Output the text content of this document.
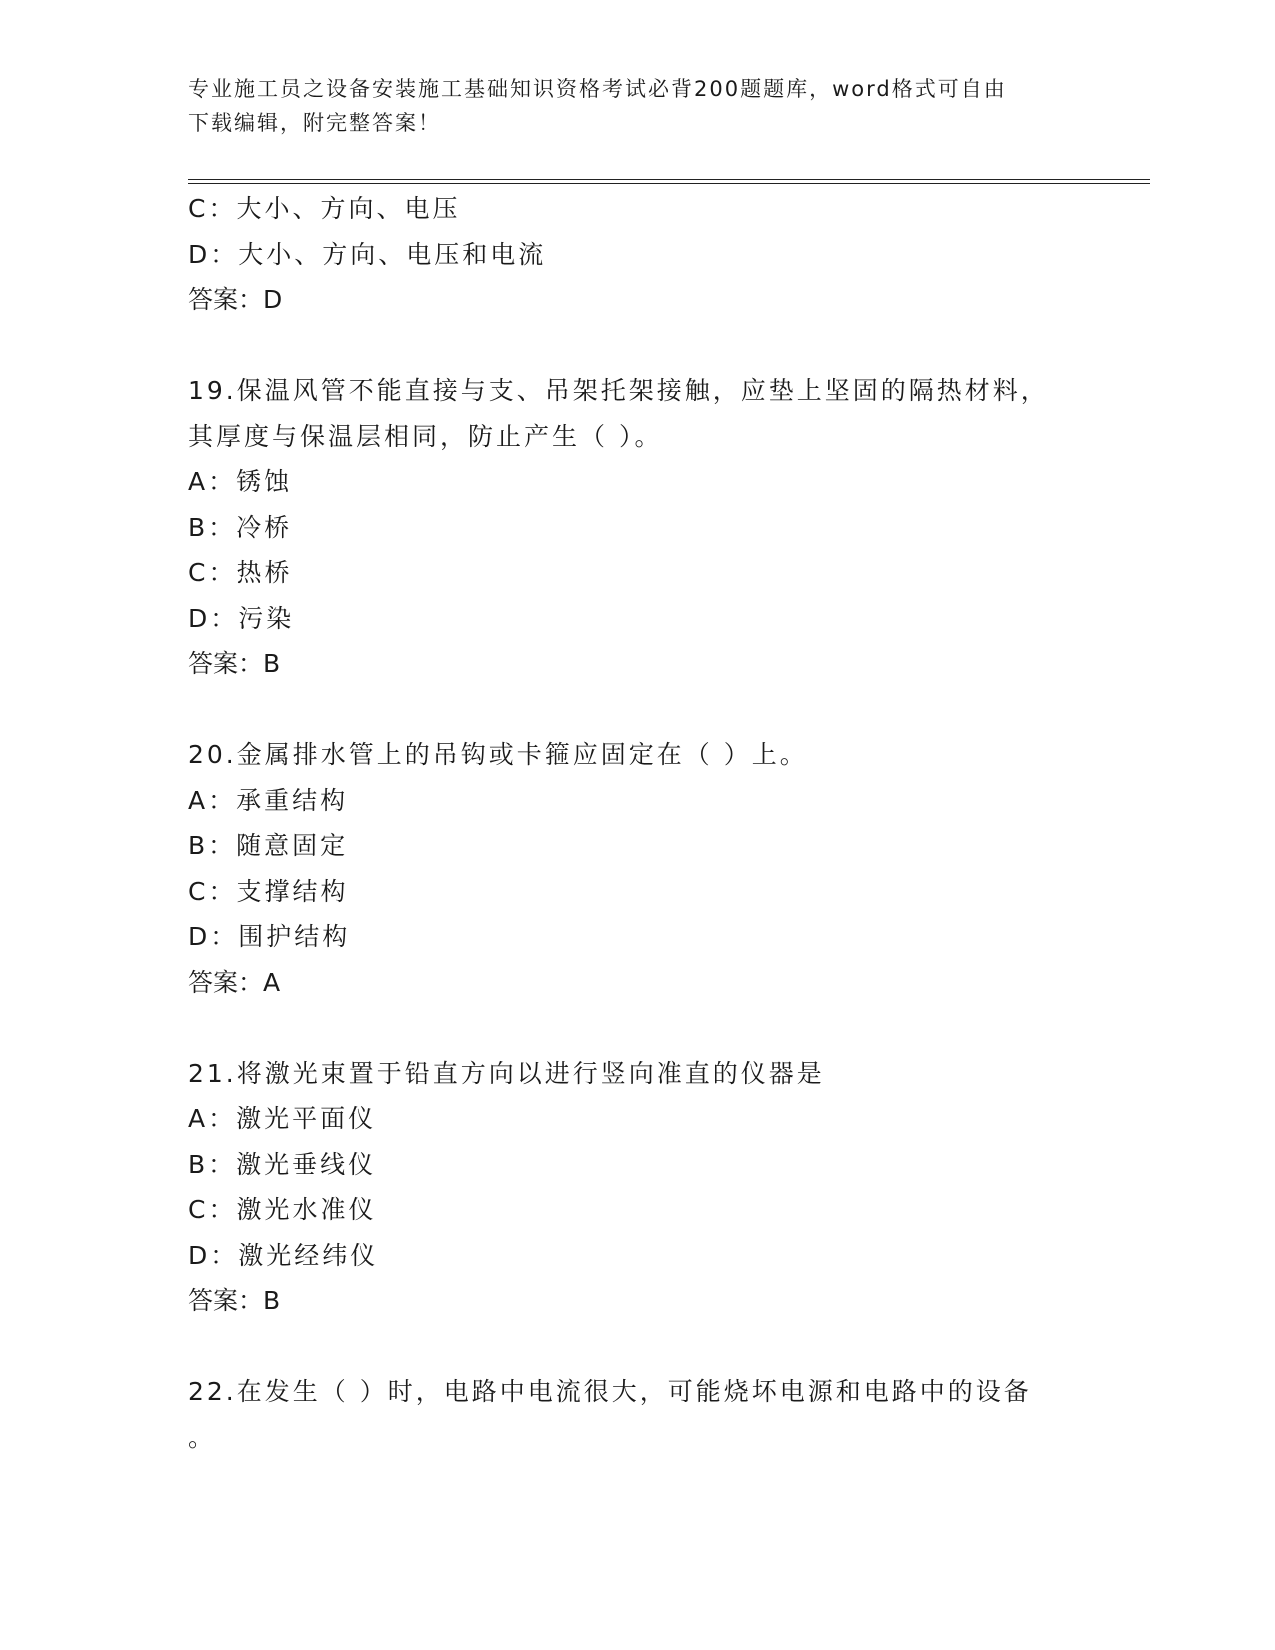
专业施工员之设备安装施工基础知识资格考试必背200题题库，word格式可自由
下载编辑，附完整答案！
C：大小、方向、电压
D：大小、方向、电压和电流
答案：D
19.保温风管不能直接与支、吊架托架接触，应垫上坚固的隔热材料，
其厚度与保温层相同，防止产生（ ）。
A：锈蚀
B：冷桥
C：热桥
D：污染
答案：B
20.金属排水管上的吊钩或卡箍应固定在（ ）上。
A：承重结构
B：随意固定
C：支撑结构
D：围护结构
答案：A
21.将激光束置于铅直方向以进行竖向准直的仪器是
A：激光平面仪
B：激光垂线仪
C：激光水准仪
D：激光经纬仪
答案：B
22.在发生（ ）时，电路中电流很大，可能烧坏电源和电路中的设备
。
